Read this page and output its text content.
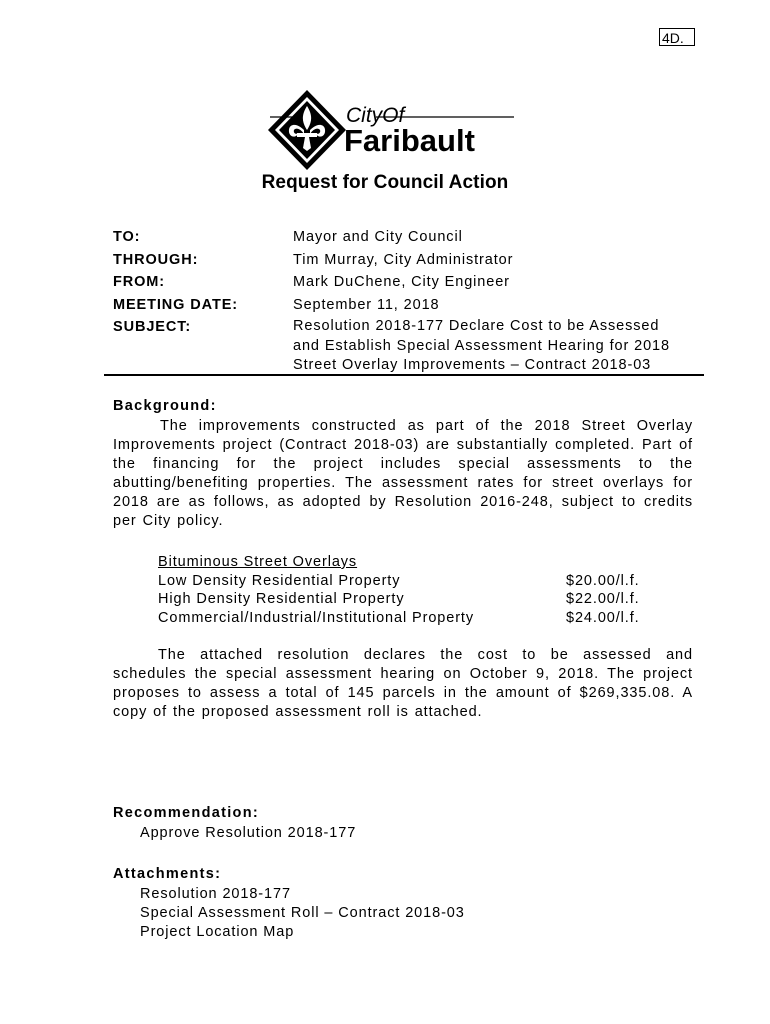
4D.
CityOf
Faribault
Request for Council Action
TO:	Mayor and City Council
THROUGH:	Tim Murray, City Administrator
FROM:	Mark DuChene, City Engineer
MEETING DATE:	September 11, 2018
SUBJECT:	Resolution 2018-177 Declare Cost to be Assessed
and Establish Special Assessment Hearing for 2018
Street Overlay Improvements – Contract 2018-03
Background:

The improvements constructed as part of the 2018 Street Overlay Improvements project (Contract 2018-03) are substantially completed. Part of the financing for the project includes special assessments to the abutting/benefiting properties. The assessment rates for street overlays for 2018 are as follows, as adopted by Resolution 2016-248, subject to credits per City policy.

Bituminous Street Overlays
Low Density Residential Property	$20.00/l.f.
High Density Residential Property	$22.00/l.f.
Commercial/Industrial/Institutional Property	$24.00/l.f.

The attached resolution declares the cost to be assessed and schedules the special assessment hearing on October 9, 2018. The project proposes to assess a total of 145 parcels in the amount of $269,335.08. A copy of the proposed assessment roll is attached.

Recommendation:
Approve Resolution 2018-177
Attachments:
Resolution 2018-177
Special Assessment Roll – Contract 2018-03
Project Location Map
